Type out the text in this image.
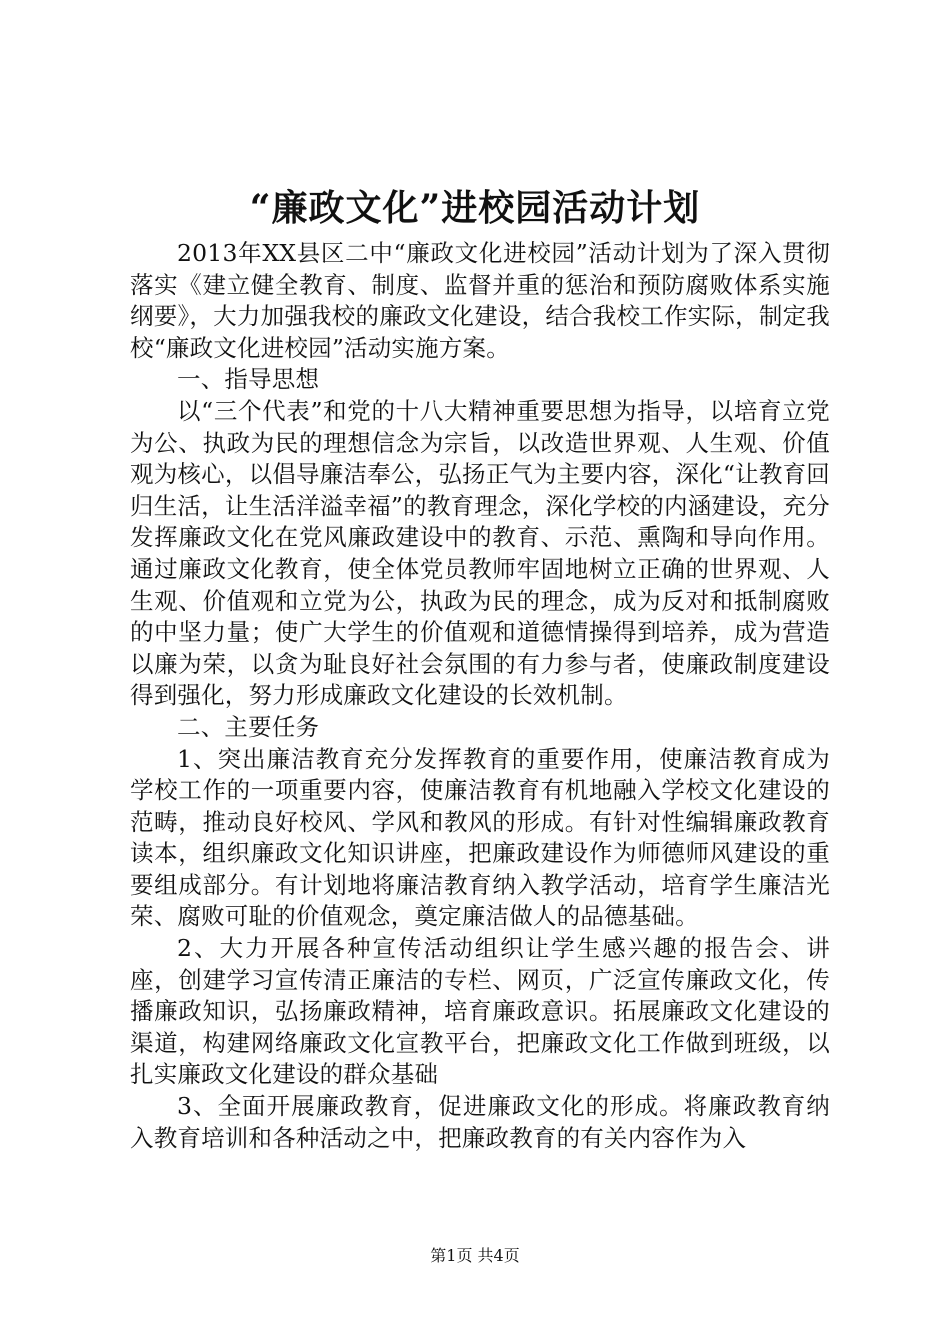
“廉政文化”进校园活动计划

2013年XX县区二中“廉政文化进校园”活动计划为了深入贯彻落实《建立健全教育、制度、监督并重的惩治和预防腐败体系实施纲要》，大力加强我校的廉政文化建设，结合我校工作实际，制定我校“廉政文化进校园”活动实施方案。

一、指导思想

以“三个代表”和党的十八大精神重要思想为指导，以培育立党为公、执政为民的理想信念为宗旨，以改造世界观、人生观、价值观为核心，以倡导廉洁奉公，弘扬正气为主要内容，深化“让教育回归生活，让生活洋溢幸福”的教育理念，深化学校的内涵建设，充分发挥廉政文化在党风廉政建设中的教育、示范、熏陶和导向作用。通过廉政文化教育，使全体党员教师牢固地树立正确的世界观、人生观、价值观和立党为公，执政为民的理念，成为反对和抵制腐败的中坚力量；使广大学生的价值观和道德情操得到培养，成为营造以廉为荣，以贪为耻良好社会氛围的有力参与者，使廉政制度建设得到强化，努力形成廉政文化建设的长效机制。

二、主要任务

1、突出廉洁教育充分发挥教育的重要作用，使廉洁教育成为学校工作的一项重要内容，使廉洁教育有机地融入学校文化建设的范畴，推动良好校风、学风和教风的形成。有针对性编辑廉政教育读本，组织廉政文化知识讲座，把廉政建设作为师德师风建设的重要组成部分。有计划地将廉洁教育纳入教学活动，培育学生廉洁光荣、腐败可耻的价值观念，奠定廉洁做人的品德基础。

2、大力开展各种宣传活动组织让学生感兴趣的报告会、讲座，创建学习宣传清正廉洁的专栏、网页，广泛宣传廉政文化，传播廉政知识，弘扬廉政精神，培育廉政意识。拓展廉政文化建设的渠道，构建网络廉政文化宣教平台，把廉政文化工作做到班级，以扎实廉政文化建设的群众基础

3、全面开展廉政教育，促进廉政文化的形成。将廉政教育纳入教育培训和各种活动之中，把廉政教育的有关内容作为入

第1页 共4页
